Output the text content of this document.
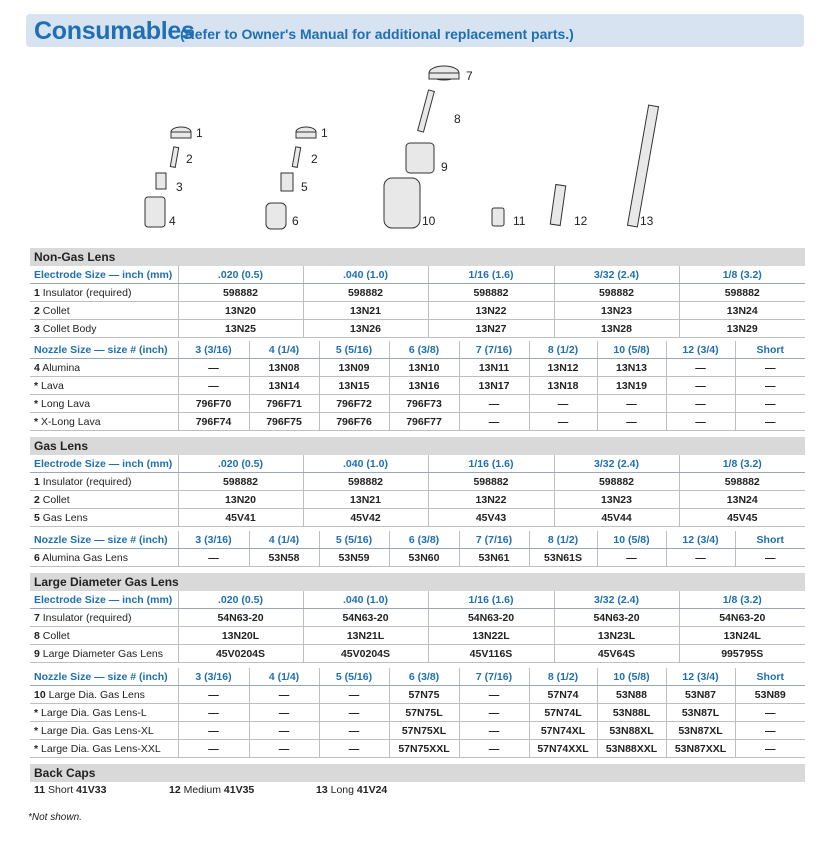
Consumables
(Refer to Owner's Manual for additional replacement parts.)
1
2
3
4
1
2
5
6
7
8
9
10	11	12	13
Non-Gas Lens
Electrode Size — inch (mm)	.020 (0.5)	.040 (1.0)	1/16 (1.6)	3/32 (2.4)	1/8 (3.2)
1 Insulator (required)	598882	598882	598882	598882	598882
2 Collet	13N20	13N21	13N22	13N23	13N24
3 Collet Body	13N25	13N26	13N27	13N28	13N29
Nozzle Size — size # (inch)	3 (3/16)	4 (1/4)	5 (5/16)	6 (3/8)	7 (7/16)	8 (1/2)	10 (5/8)	12 (3/4)	Short
4 Alumina	—	13N08	13N09	13N10	13N11	13N12	13N13	—	—
* Lava	—	13N14	13N15	13N16	13N17	13N18	13N19	—	—
* Long Lava	796F70	796F71	796F72	796F73	—	—	—	—	—
* X-Long Lava	796F74	796F75	796F76	796F77	—	—	—	—	—
Gas Lens
Electrode Size — inch (mm)	.020 (0.5)	.040 (1.0)	1/16 (1.6)	3/32 (2.4)	1/8 (3.2)
1 Insulator (required)	598882	598882	598882	598882	598882
2 Collet	13N20	13N21	13N22	13N23	13N24
5 Gas Lens	45V41	45V42	45V43	45V44	45V45
Nozzle Size — size # (inch)	3 (3/16)	4 (1/4)	5 (5/16)	6 (3/8)	7 (7/16)	8 (1/2)	10 (5/8)	12 (3/4)	Short
6 Alumina Gas Lens	—	53N58	53N59	53N60	53N61	53N61S	—	—	—
Large Diameter Gas Lens
Electrode Size — inch (mm)	.020 (0.5)	.040 (1.0)	1/16 (1.6)	3/32 (2.4)	1/8 (3.2)
7 Insulator (required)	54N63-20	54N63-20	54N63-20	54N63-20	54N63-20
8 Collet	13N20L	13N21L	13N22L	13N23L	13N24L
9 Large Diameter Gas Lens	45V0204S	45V0204S	45V116S	45V64S	995795S
Nozzle Size — size # (inch)	3 (3/16)	4 (1/4)	5 (5/16)	6 (3/8)	7 (7/16)	8 (1/2)	10 (5/8)	12 (3/4)	Short
10 Large Dia. Gas Lens	—	—	—	57N75	—	57N74	53N88	53N87	53N89
* Large Dia. Gas Lens-L	—	—	—	57N75L	—	57N74L	53N88L	53N87L	—
* Large Dia. Gas Lens-XL	—	—	—	57N75XL	—	57N74XL	53N88XL	53N87XL	—
* Large Dia. Gas Lens-XXL	—	—	—	57N75XXL	—	57N74XXL	53N88XXL	53N87XXL	—
Back Caps
11 Short 41V33	12 Medium 41V35	13 Long 41V24
*Not shown.
